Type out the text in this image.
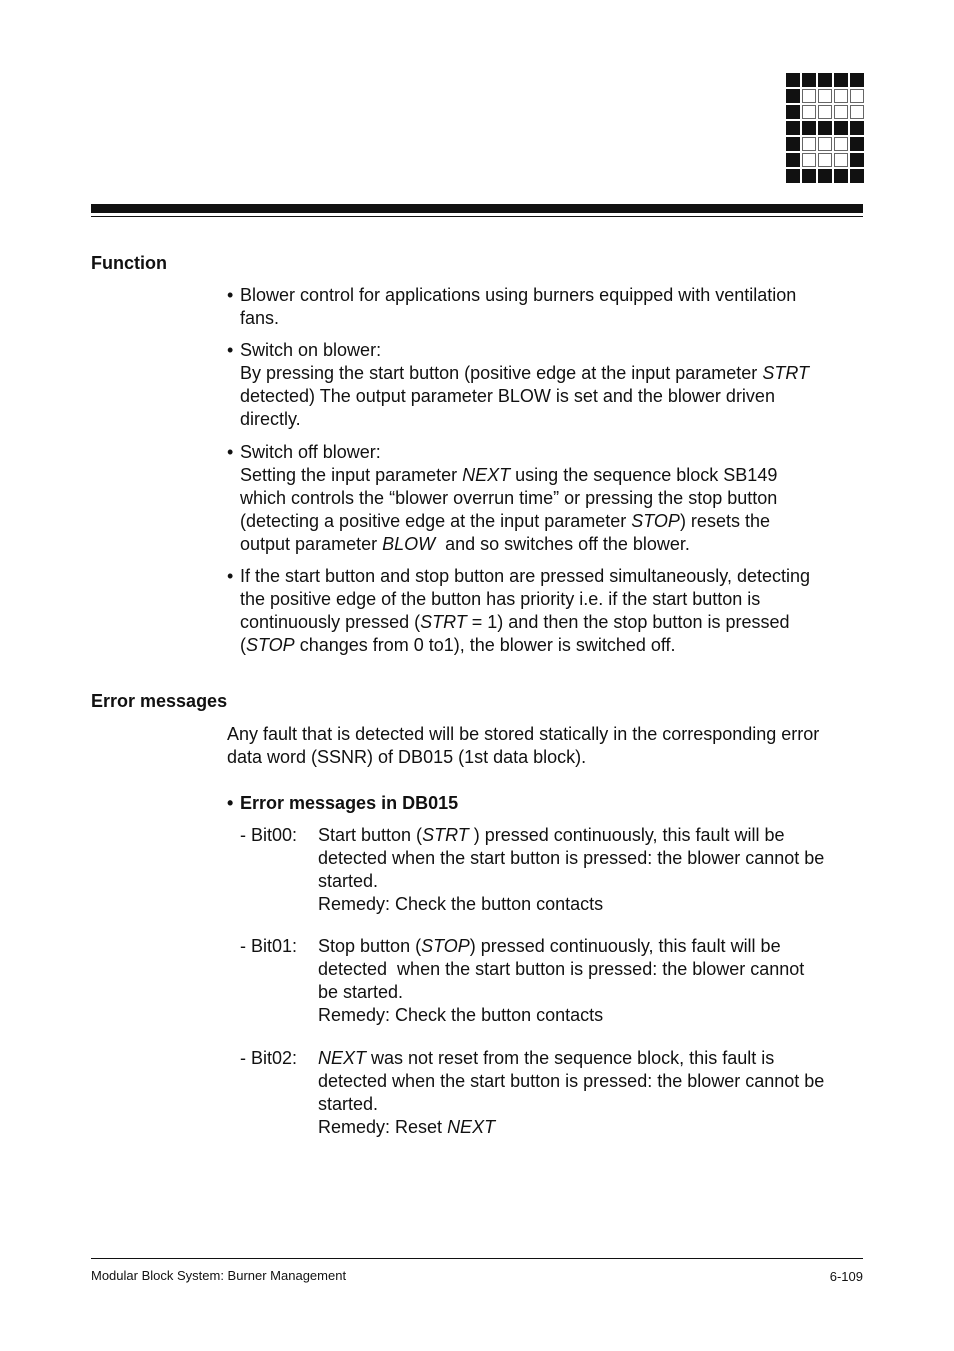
Function
• Blower control for applications using burners equipped with ventilation
fans.
• Switch on blower:
By pressing the start button (positive edge at the input parameter STRT
detected) The output parameter BLOW is set and the blower driven
directly.
• Switch off blower:
Setting the input parameter NEXT using the sequence block SB149
which controls the “blower overrun time” or pressing the stop button
(detecting a positive edge at the input parameter STOP) resets the
output parameter BLOW  and so switches off the blower.
• If the start button and stop button are pressed simultaneously, detecting
the positive edge of the button has priority i.e. if the start button is
continuously pressed (STRT = 1) and then the stop button is pressed
(STOP changes from 0 to1), the blower is switched off.
Error messages
Any fault that is detected will be stored statically in the corresponding error
data word (SSNR) of DB015 (1st data block).
• Error messages in DB015
- Bit00: Start button (STRT ) pressed continuously, this fault will be
detected when the start button is pressed: the blower cannot be
started.
Remedy: Check the button contacts
- Bit01: Stop button (STOP) pressed continuously, this fault will be
detected  when the start button is pressed: the blower cannot
be started.
Remedy: Check the button contacts
- Bit02: NEXT was not reset from the sequence block, this fault is
detected when the start button is pressed: the blower cannot be
started.
Remedy: Reset NEXT
Modular Block System: Burner Management	6-109
